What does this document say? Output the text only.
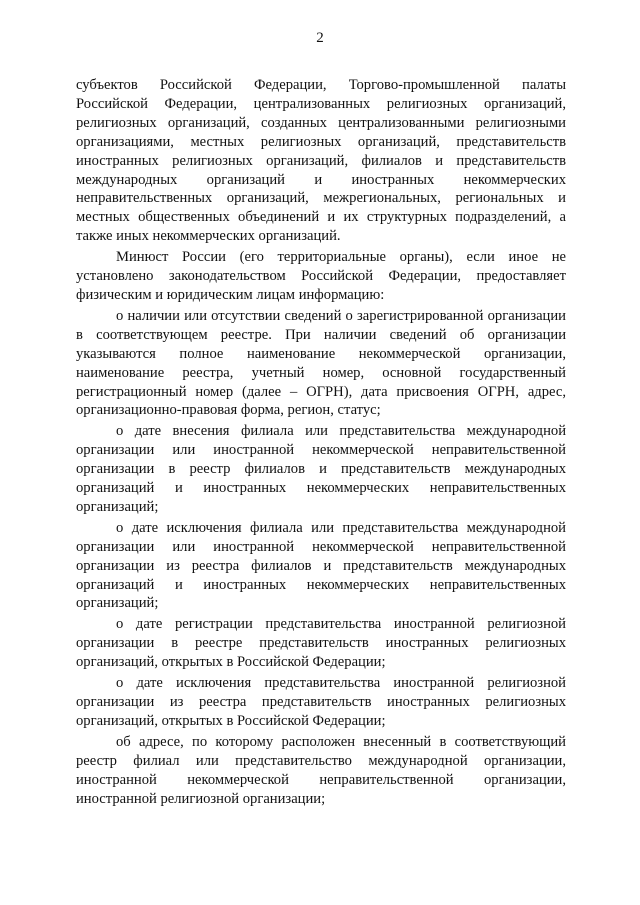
2

субъектов Российской Федерации, Торгово-промышленной палаты Российской Федерации, централизованных религиозных организаций, религиозных организаций, созданных централизованными религиозными организациями, местных религиозных организаций, представительств иностранных религиозных организаций, филиалов и представительств международных организаций и иностранных некоммерческих неправительственных организаций, межрегиональных, региональных и местных общественных объединений и их структурных подразделений, а также иных некоммерческих организаций.

Минюст России (его территориальные органы), если иное не установлено законодательством Российской Федерации, предоставляет физическим и юридическим лицам информацию:

о наличии или отсутствии сведений о зарегистрированной организации в соответствующем реестре. При наличии сведений об организации указываются полное наименование некоммерческой организации, наименование реестра, учетный номер, основной государственный регистрационный номер (далее – ОГРН), дата присвоения ОГРН, адрес, организационно-правовая форма, регион, статус;

о дате внесения филиала или представительства международной организации или иностранной некоммерческой неправительственной организации в реестр филиалов и представительств международных организаций и иностранных некоммерческих неправительственных организаций;

о дате исключения филиала или представительства международной организации или иностранной некоммерческой неправительственной организации из реестра филиалов и представительств международных организаций и иностранных некоммерческих неправительственных организаций;

о дате регистрации представительства иностранной религиозной организации в реестре представительств иностранных религиозных организаций, открытых в Российской Федерации;

о дате исключения представительства иностранной религиозной организации из реестра представительств иностранных религиозных организаций, открытых в Российской Федерации;

об адресе, по которому расположен внесенный в соответствующий реестр филиал или представительство международной организации, иностранной некоммерческой неправительственной организации, иностранной религиозной организации;
